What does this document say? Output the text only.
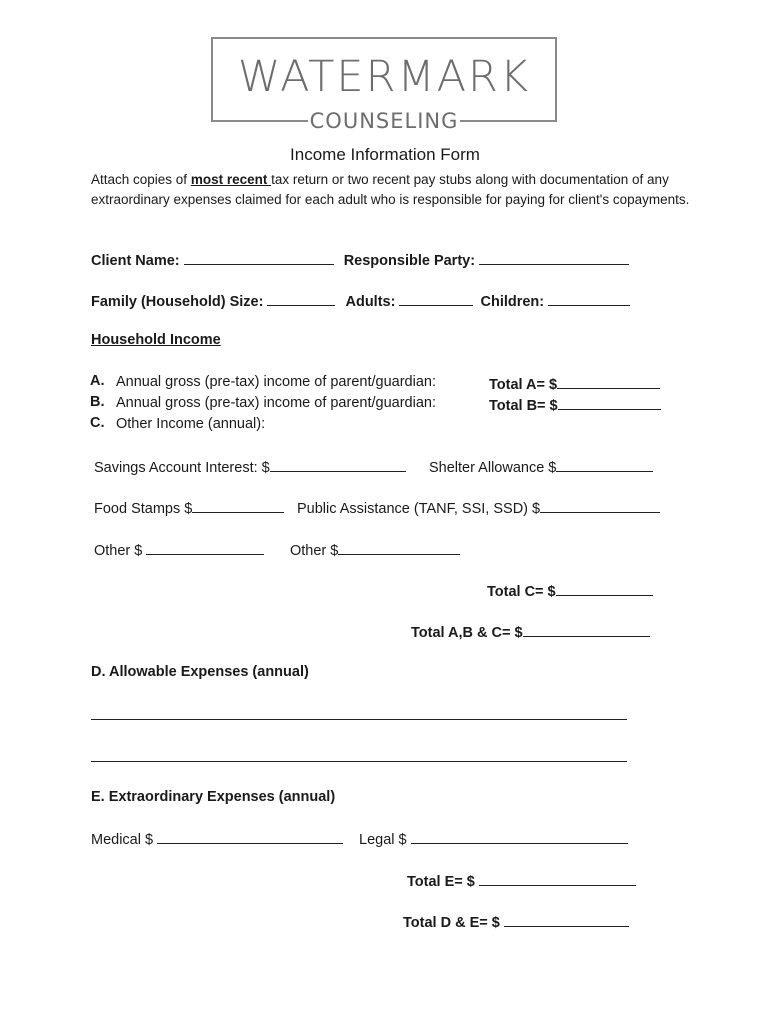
WATERMARK
COUNSELING
Income Information Form
Attach copies of most recent tax return or two recent pay stubs along with documentation of any extraordinary expenses claimed for each adult who is responsible for paying for client's copayments.
Client Name:	Responsible Party:
Family (Household) Size:	Adults:	Children:
Household Income
A. Annual gross (pre-tax) income of parent/guardian:	Total A= $
B. Annual gross (pre-tax) income of parent/guardian:	Total B= $
C. Other Income (annual):
Savings Account Interest: $	Shelter Allowance $
Food Stamps $	Public Assistance (TANF, SSI, SSD) $
Other $	Other $
Total C= $
Total A,B & C= $
D. Allowable Expenses (annual)
E. Extraordinary Expenses (annual)
Medical $	Legal $
Total E= $
Total D & E= $
